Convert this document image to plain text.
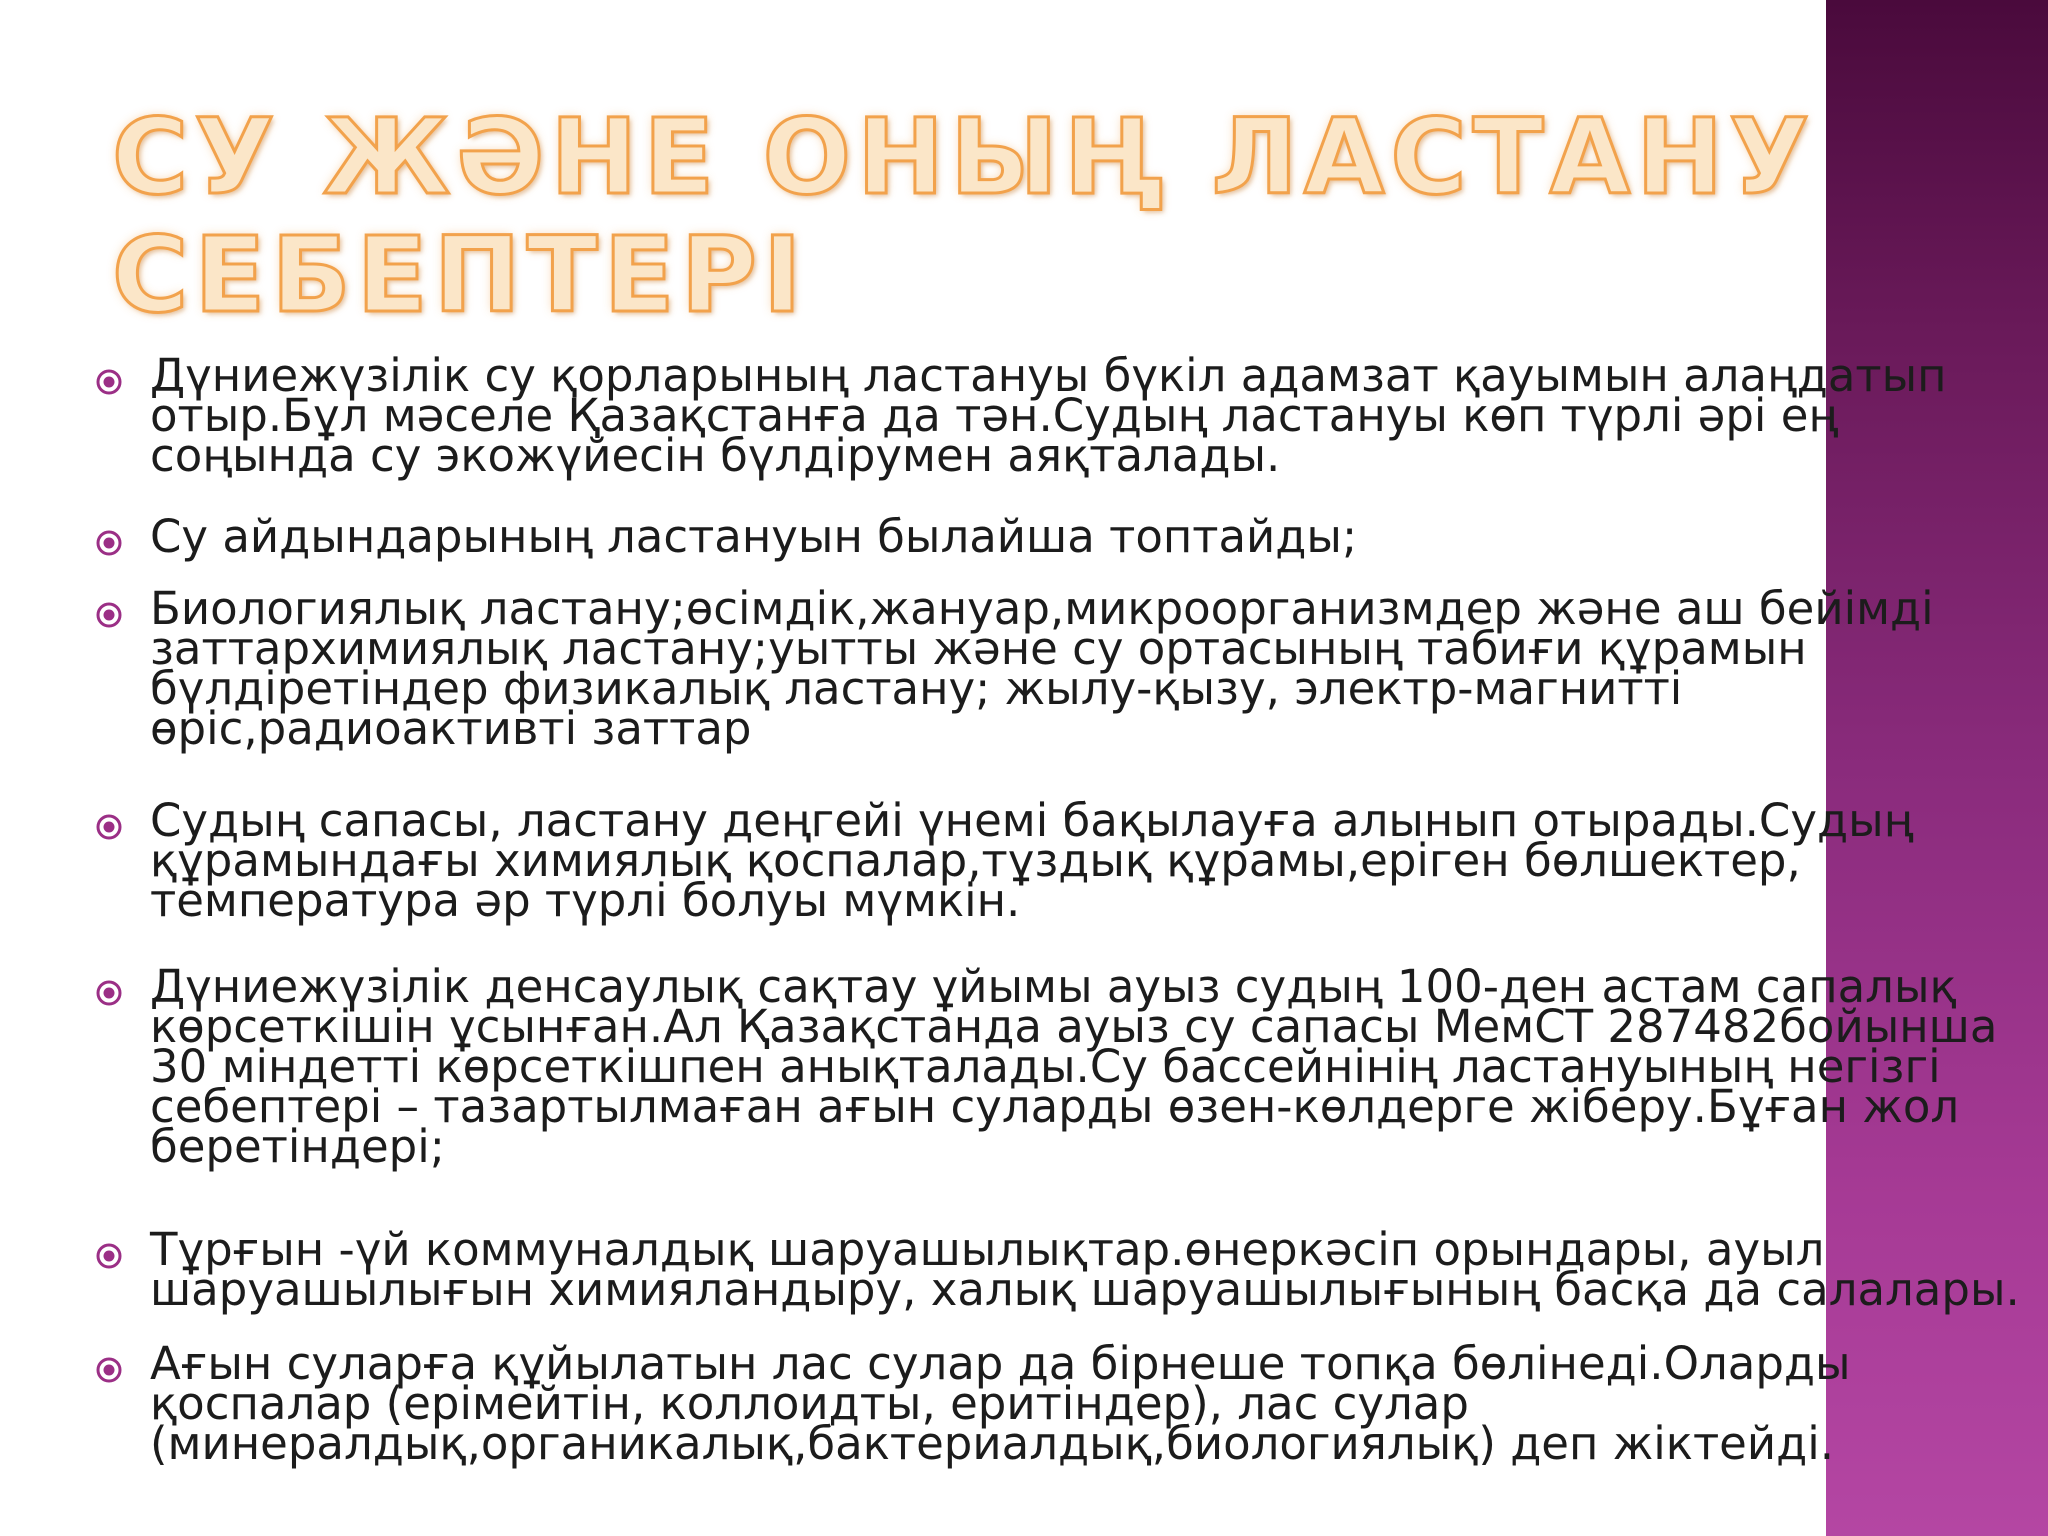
СУ ЖӘНЕ ОНЫҢ ЛАСТАНУ
СЕБЕПТЕРІ
Дүниежүзілік су қорларының ластануы бүкіл адамзат қауымын алаңдатып
отыр.Бұл мәселе Қазақстанға да тән.Судың ластануы көп түрлі әрі ең
соңында су экожүйесін бүлдірумен аяқталады.
Су айдындарының ластануын былайша топтайды;
Биологиялық ластану;өсімдік,жануар,микроорганизмдер және аш бейімді
заттархимиялық ластану;уытты және су ортасының табиғи құрамын
бүлдіретіндер физикалық ластану; жылу-қызу, электр-магнитті
өріс,радиоактивті заттар
Судың сапасы, ластану деңгейі үнемі бақылауға алынып отырады.Судың
құрамындағы химиялық қоспалар,тұздық құрамы,еріген бөлшектер,
температура әр түрлі болуы мүмкін.
Дүниежүзілік денсаулық сақтау ұйымы ауыз судың 100-ден астам сапалық
көрсеткішін ұсынған.Ал Қазақстанда ауыз су сапасы МемСТ 287482бойынша
30 міндетті көрсеткішпен анықталады.Су бассейнінің ластануының негізгі
себептері – тазартылмаған ағын суларды өзен-көлдерге жіберу.Бұған жол
беретіндері;
Тұрғын -үй коммуналдық шаруашылықтар.өнеркәсіп орындары, ауыл
шаруашылығын химияландыру, халық шаруашылығының басқа да салалары.
Ағын суларға құйылатын лас сулар да бірнеше топқа бөлінеді.Оларды
қоспалар (ерімейтін, коллоидты, еритіндер), лас сулар
(минералдық,органикалық,бактериалдық,биологиялық) деп жіктейді.
